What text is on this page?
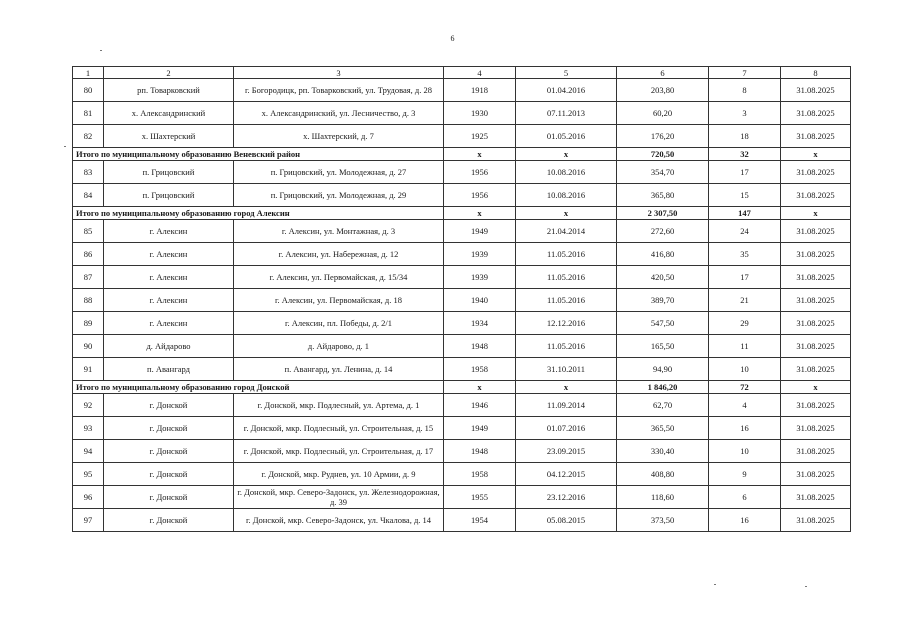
6
1	2	3	4	5	6	7	8
80	рп. Товарковский	г. Богородицк, рп. Товарковский, ул. Трудовая, д. 28	1918	01.04.2016	203,80	8	31.08.2025
81	х. Александринский	х. Александринский, ул. Лесничество, д. 3	1930	07.11.2013	60,20	3	31.08.2025
82	х. Шахтерский	х. Шахтерский, д. 7	1925	01.05.2016	176,20	18	31.08.2025
Итого по муниципальному образованию Веневский район			х	х	720,50	32	х
83	п. Грицовский	п. Грицовский, ул. Молодежная, д. 27	1956	10.08.2016	354,70	17	31.08.2025
84	п. Грицовский	п. Грицовский, ул. Молодежная, д. 29	1956	10.08.2016	365,80	15	31.08.2025
Итого по муниципальному образованию город Алексин			х	х	2 307,50	147	х
85	г. Алексин	г. Алексин, ул. Монтажная, д. 3	1949	21.04.2014	272,60	24	31.08.2025
86	г. Алексин	г. Алексин, ул. Набережная, д. 12	1939	11.05.2016	416,80	35	31.08.2025
87	г. Алексин	г. Алексин, ул. Первомайская, д. 15/34	1939	11.05.2016	420,50	17	31.08.2025
88	г. Алексин	г. Алексин, ул. Первомайская, д. 18	1940	11.05.2016	389,70	21	31.08.2025
89	г. Алексин	г. Алексин, пл. Победы, д. 2/1	1934	12.12.2016	547,50	29	31.08.2025
90	д. Айдарово	д. Айдарово, д. 1	1948	11.05.2016	165,50	11	31.08.2025
91	п. Авангард	п. Авангард, ул. Ленина, д. 14	1958	31.10.2011	94,90	10	31.08.2025
Итого по муниципальному образованию город Донской			х	х	1 846,20	72	х
92	г. Донской	г. Донской, мкр. Подлесный, ул. Артема, д. 1	1946	11.09.2014	62,70	4	31.08.2025
93	г. Донской	г. Донской, мкр. Подлесный, ул. Строительная, д. 15	1949	01.07.2016	365,50	16	31.08.2025
94	г. Донской	г. Донской, мкр. Подлесный, ул. Строительная, д. 17	1948	23.09.2015	330,40	10	31.08.2025
95	г. Донской	г. Донской, мкр. Руднев, ул. 10 Армии, д. 9	1958	04.12.2015	408,80	9	31.08.2025
96	г. Донской	г. Донской, мкр. Северо-Задонск, ул. Железнодорожная, д. 39	1955	23.12.2016	118,60	6	31.08.2025
97	г. Донской	г. Донской, мкр. Северо-Задонск, ул. Чкалова, д. 14	1954	05.08.2015	373,50	16	31.08.2025
